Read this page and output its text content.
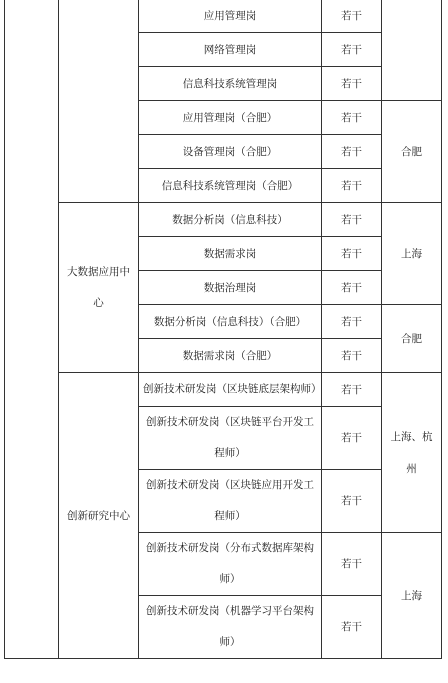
		应用管理岗	若干	
		网络管理岗	若干	
		信息科技系统管理岗	若干	
		应用管理岗（合肥）	若干	合肥
		设备管理岗（合肥）	若干	
		信息科技系统管理岗（合肥）	若干	
	大数据应用中心	数据分析岗（信息科技）	若干	上海
		数据需求岗	若干	
		数据治理岗	若干	
		数据分析岗（信息科技）（合肥）	若干	合肥
		数据需求岗（合肥）	若干	
	创新研究中心	创新技术研发岗（区块链底层架构师）	若干	上海、杭州
		创新技术研发岗（区块链平台开发工程师）	若干	
		创新技术研发岗（区块链应用开发工程师）	若干	
		创新技术研发岗（分布式数据库架构师）	若干	上海
		创新技术研发岗（机器学习平台架构师）	若干	
